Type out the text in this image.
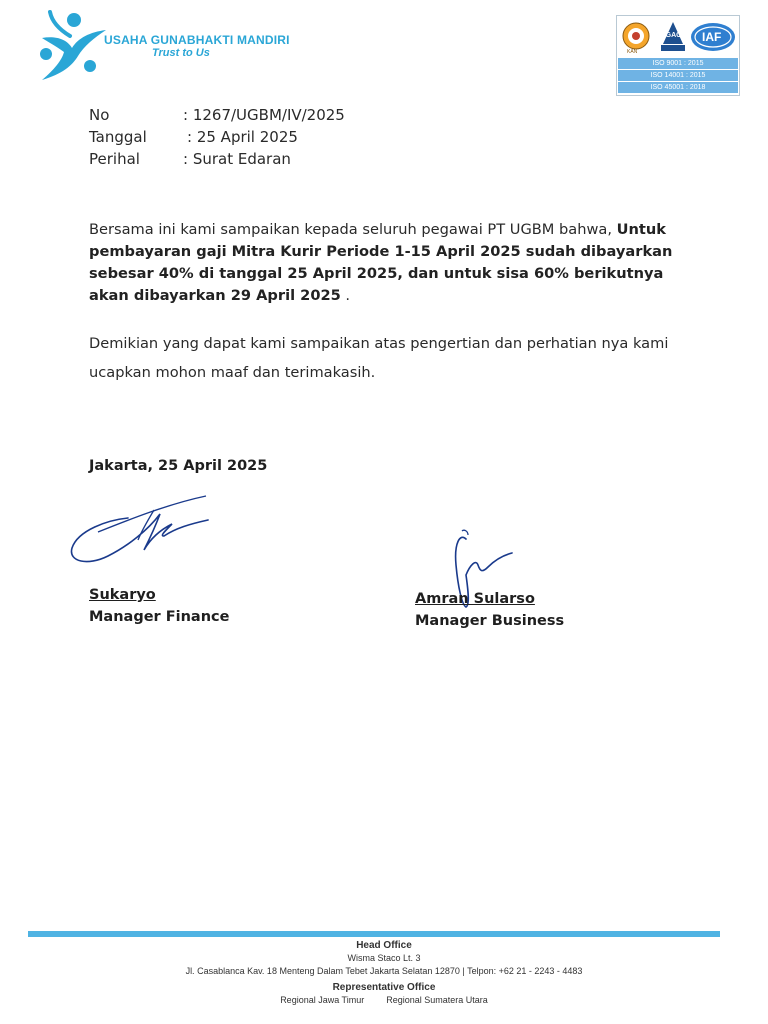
USAHA GUNABHAKTI MANDIRI
Trust to Us	KAN
EGAC IAF
ISO 9001 : 2015
ISO 14001 : 2015
ISO 45001 : 2018
No	: 1267/UGBM/IV/2025
Tanggal	: 25 April 2025
Perihal	: Surat Edaran
Bersama ini kami sampaikan kepada seluruh pegawai PT UGBM bahwa, Untuk pembayaran gaji Mitra Kurir Periode 1-15 April 2025 sudah dibayarkan sebesar 40% di tanggal 25 April 2025, dan untuk sisa 60% berikutnya akan dibayarkan 29 April 2025 .
Demikian yang dapat kami sampaikan atas pengertian dan perhatian nya kami ucapkan mohon maaf dan terimakasih.
Jakarta, 25 April 2025
Sukaryo
Manager Finance
Amran Sularso
Manager Business
Head Office
Wisma Staco Lt. 3
Jl. Casablanca Kav. 18 Menteng Dalam Tebet Jakarta Selatan 12870 | Telpon: +62 21 - 2243 - 4483
Representative Office
Regional Jawa Timur Regional Sumatera Utara
